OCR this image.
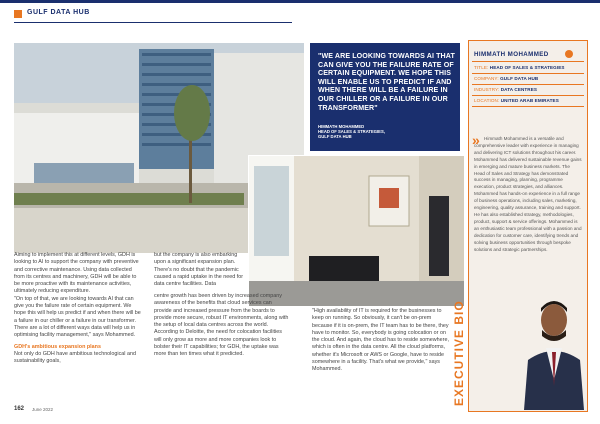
GULF DATA HUB
"WE ARE LOOKING TOWARDS AI THAT CAN GIVE YOU THE FAILURE RATE OF CERTAIN EQUIPMENT. WE HOPE THIS WILL ENABLE US TO PREDICT IF AND WHEN THERE WILL BE A FAILURE IN OUR CHILLER OR A FAILURE IN OUR TRANSFORMER"
HIMMATH MOHAMMED
HEAD OF SALES & STRATEGIES,
GULF DATA HUB

Aiming to implement this at different levels, GDH is looking to AI to support the company with preventive and corrective maintenance. Using data collected from its centres and machinery, GDH will be able to be more proactive with its maintenance activities, ultimately reducing expenditure.

"On top of that, we are looking towards AI that can give you the failure rate of certain equipment. We hope this will help us predict if and when there will be a failure in our chiller or a failure in our transformer. There are a lot of different ways data will help us in optimising facility management," says Mohammed.

GDH's ambitious expansion plans

Not only do GDH have ambitious technological and sustainability goals,

but the company is also embarking upon a significant expansion plan.

There's no doubt that the pandemic caused a rapid uptake in the need for data centre facilities. Data

centre growth has been driven by increased company awareness of the benefits that cloud services can provide and increased pressure from the boards to provide more secure, robust IT environments, along with the setup of local data centres across the world.

According to Deloitte, the need for colocation facilities will only grow as more and more companies look to bolster their IT capabilities; for GDH, the uptake was more than ten times what it predicted.

"High availability of IT is required for the businesses to keep on running. So obviously, it can't be on-prem because if it is on-prem, the IT team has to be there, they have to monitor. So, everybody is going colocation or on the cloud. And again, the cloud has to reside somewhere, which is often in the data centre. All the cloud platforms, whether it's Microsoft or AWS or Google, have to reside somewhere in a facility. That's what we provide," says Mohammed.

162 June 2022
HIMMATH MOHAMMED
TITLE: HEAD OF SALES & STRATEGIES
COMPANY: GULF DATA HUB
INDUSTRY: DATA CENTRES
LOCATION: UNITED ARAB EMIRATES
» Himmath Mohammed is a versatile and comprehensive leader with experience in managing and delivering ICT solutions throughout his career. Mohammed has delivered sustainable revenue gains in emerging and mature business markets. The Head of Sales and Strategy has demonstrated success in managing, planning, programme execution, product strategies, and alliances. Mohammed has hands-on experience in a full range of business operations, including sales, marketing, engineering, quality assurance, training and support. He has also established strategy, methodologies, product, support & service offerings. Mohammed is an enthusiastic team professional with a passion and dedication for customer care, identifying trends and solving business opportunities through bespoke solutions and strategic partnerships.
EXECUTIVE BIO
